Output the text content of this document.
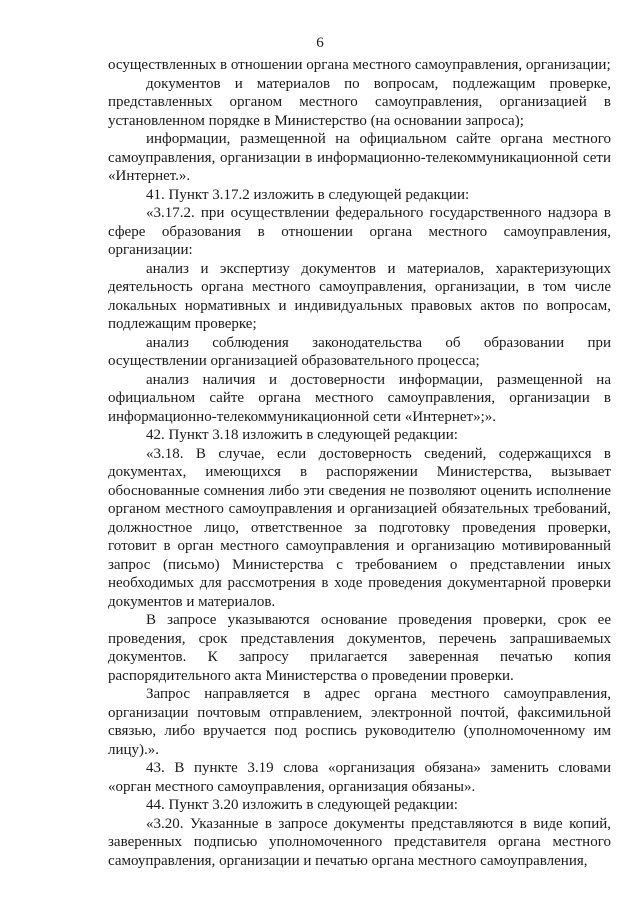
6

осуществленных в отношении органа местного самоуправления, организации;

документов и материалов по вопросам, подлежащим проверке, представленных органом местного самоуправления, организацией в установленном порядке в Министерство (на основании запроса);

информации, размещенной на официальном сайте органа местного самоуправления, организации в информационно-телекоммуникационной сети «Интернет.».

41. Пункт 3.17.2 изложить в следующей редакции:

«3.17.2. при осуществлении федерального государственного надзора в сфере образования в отношении органа местного самоуправления, организации:

анализ и экспертизу документов и материалов, характеризующих деятельность органа местного самоуправления, организации, в том числе локальных нормативных и индивидуальных правовых актов по вопросам, подлежащим проверке;

анализ соблюдения законодательства об образовании при осуществлении организацией образовательного процесса;

анализ наличия и достоверности информации, размещенной на официальном сайте органа местного самоуправления, организации в информационно-телекоммуникационной сети «Интернет»;».

42. Пункт 3.18 изложить в следующей редакции:

«3.18. В случае, если достоверность сведений, содержащихся в документах, имеющихся в распоряжении Министерства, вызывает обоснованные сомнения либо эти сведения не позволяют оценить исполнение органом местного самоуправления и организацией обязательных требований, должностное лицо, ответственное за подготовку проведения проверки, готовит в орган местного самоуправления и организацию мотивированный запрос (письмо) Министерства с требованием о представлении иных необходимых для рассмотрения в ходе проведения документарной проверки документов и материалов.

В запросе указываются основание проведения проверки, срок ее проведения, срок представления документов, перечень запрашиваемых документов. К запросу прилагается заверенная печатью копия распорядительного акта Министерства о проведении проверки.

Запрос направляется в адрес органа местного самоуправления, организации почтовым отправлением, электронной почтой, факсимильной связью, либо вручается под роспись руководителю (уполномоченному им лицу).».

43. В пункте 3.19 слова «организация обязана» заменить словами «орган местного самоуправления, организация обязаны».

44. Пункт 3.20 изложить в следующей редакции:

«3.20. Указанные в запросе документы представляются в виде копий, заверенных подписью уполномоченного представителя органа местного самоуправления, организации и печатью органа местного самоуправления,
